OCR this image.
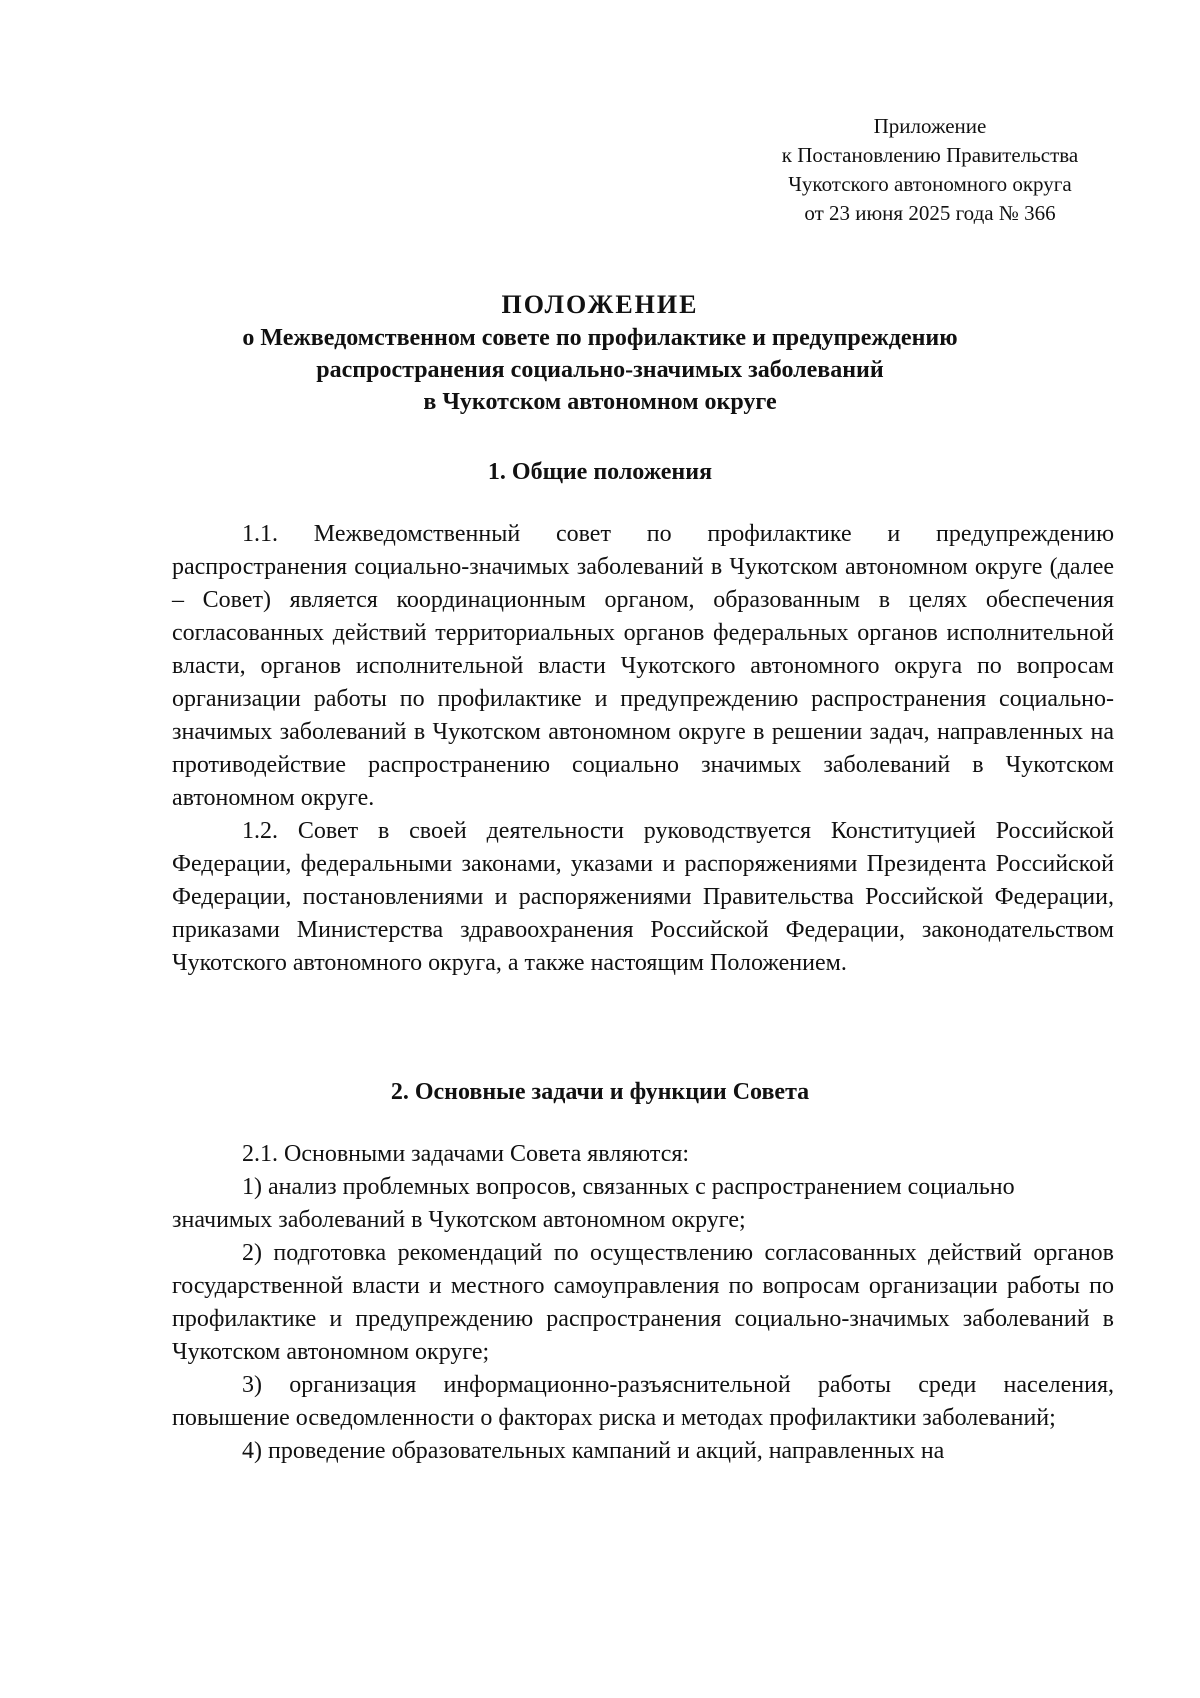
Приложение
к Постановлению Правительства
Чукотского автономного округа
от 23 июня 2025 года № 366
ПОЛОЖЕНИЕ
о Межведомственном совете по профилактике и предупреждению
распространения социально-значимых заболеваний
в Чукотском автономном округе
1. Общие положения

1.1. Межведомственный совет по профилактике и предупреждению распространения социально-значимых заболеваний в Чукотском автономном округе (далее – Совет) является координационным органом, образованным в целях обеспечения согласованных действий территориальных органов федеральных органов исполнительной власти, органов исполнительной власти Чукотского автономного округа по вопросам организации работы по профилактике и предупреждению распространения социально-значимых заболеваний в Чукотском автономном округе в решении задач, направленных на противодействие распространению социально значимых заболеваний в Чукотском автономном округе.

1.2. Совет в своей деятельности руководствуется Конституцией Российской Федерации, федеральными законами, указами и распоряжениями Президента Российской Федерации, постановлениями и распоряжениями Правительства Российской Федерации, приказами Министерства здравоохранения Российской Федерации, законодательством Чукотского автономного округа, а также настоящим Положением.

2. Основные задачи и функции Совета

2.1. Основными задачами Совета являются:

1) анализ проблемных вопросов, связанных с распространением социально

значимых заболеваний в Чукотском автономном округе;

2) подготовка рекомендаций по осуществлению согласованных действий органов государственной власти и местного самоуправления по вопросам организации работы по профилактике и предупреждению распространения социально-значимых заболеваний в Чукотском автономном округе;

3) организация информационно-разъяснительной работы среди населения, повышение осведомленности о факторах риска и методах профилактики заболеваний;

4) проведение образовательных кампаний и акций, направленных на
